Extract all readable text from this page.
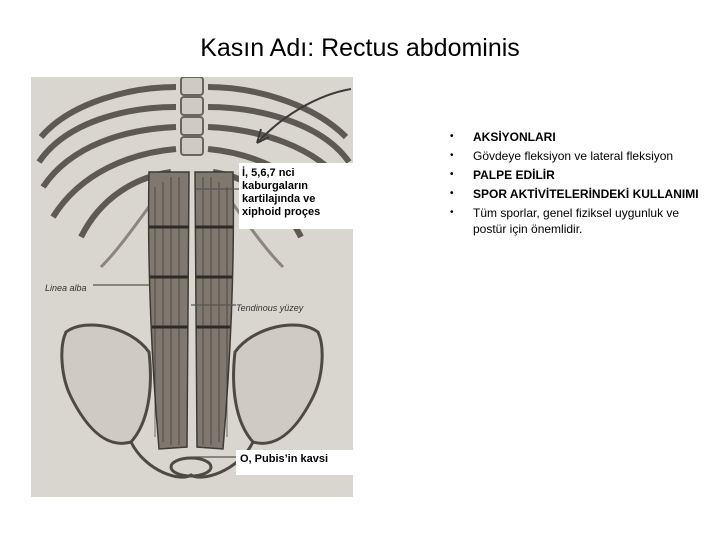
Kasın Adı: Rectus abdominis
Linea alba
Tendinous yüzey
İ, 5,6,7 nci kaburgaların kartilajında ve xiphoid proçes
O, Pubis’in kavsi
• AKSİYONLARI
• Gövdeye fleksiyon ve lateral fleksiyon
• PALPE EDİLİR
• SPOR AKTİVİTELERİNDEKİ KULLANIMI
• Tüm sporlar, genel fiziksel uygunluk ve postür için önemlidir.
